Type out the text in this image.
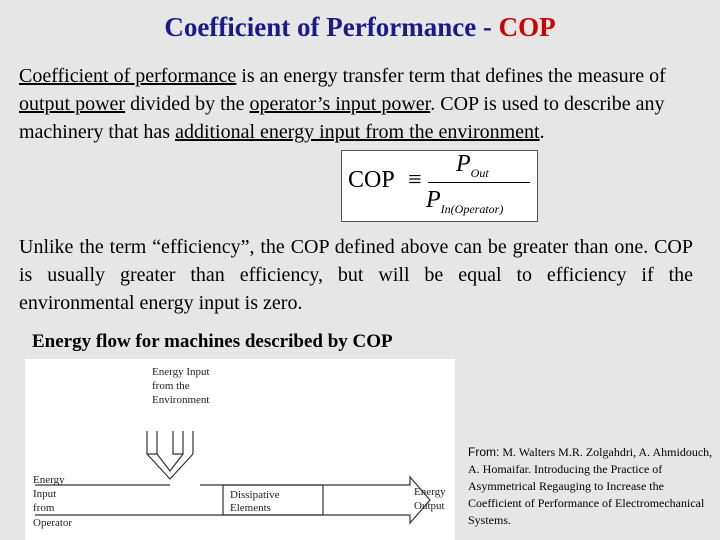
Coefficient of Performance - COP
Coefficient of performance is an energy transfer term that defines the measure of output power divided by the operator’s input power. COP is used to describe any machinery that has additional energy input from the environment.
COP ≡
$P_{Out}$
$P_{In(Operator)}$
Unlike the term “efficiency”, the COP defined above can be greater than one. COP is usually greater than efficiency, but will be equal to efficiency if the environmental energy input is zero.
Energy flow for machines described by COP
Energy Input
from the
Environment
Energy
Input
from
Operator
Dissipative
Elements
Energy
Output
From: M. Walters M.R. Zolgahdri, A. Ahmidouch, A. Homaifar. Introducing the Practice of Asymmetrical Regauging to Increase the Coefficient of Performance of Electromechanical Systems.
